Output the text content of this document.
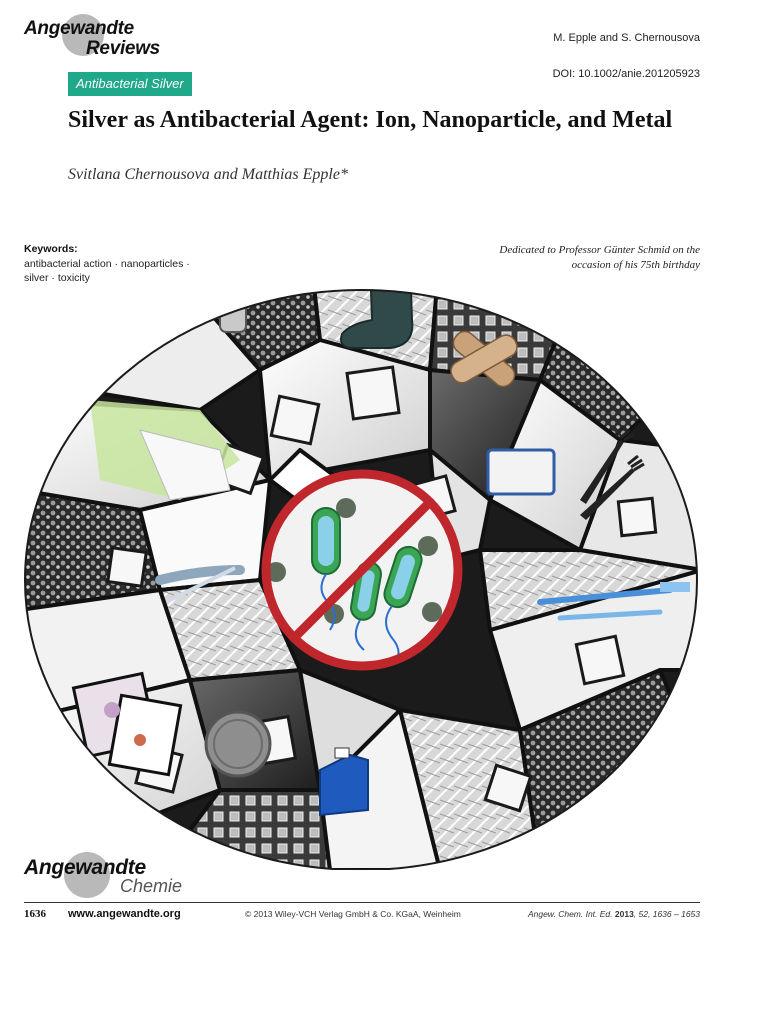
Angewandte
Reviews	M. Epple and S. Chernousova
DOI: 10.1002/anie.201205923
Antibacterial Silver
Silver as Antibacterial Agent: Ion, Nanoparticle, and Metal
Svitlana Chernousova and Matthias Epple*
Keywords:
antibacterial action · nanoparticles ·
silver · toxicity
Dedicated to Professor Günter Schmid on the
occasion of his 75th birthday
Angewandte
Chemie
1636 www.angewandte.org	© 2013 Wiley-VCH Verlag GmbH & Co. KGaA, Weinheim	Angew. Chem. Int. Ed. 2013, 52, 1636 – 1653
